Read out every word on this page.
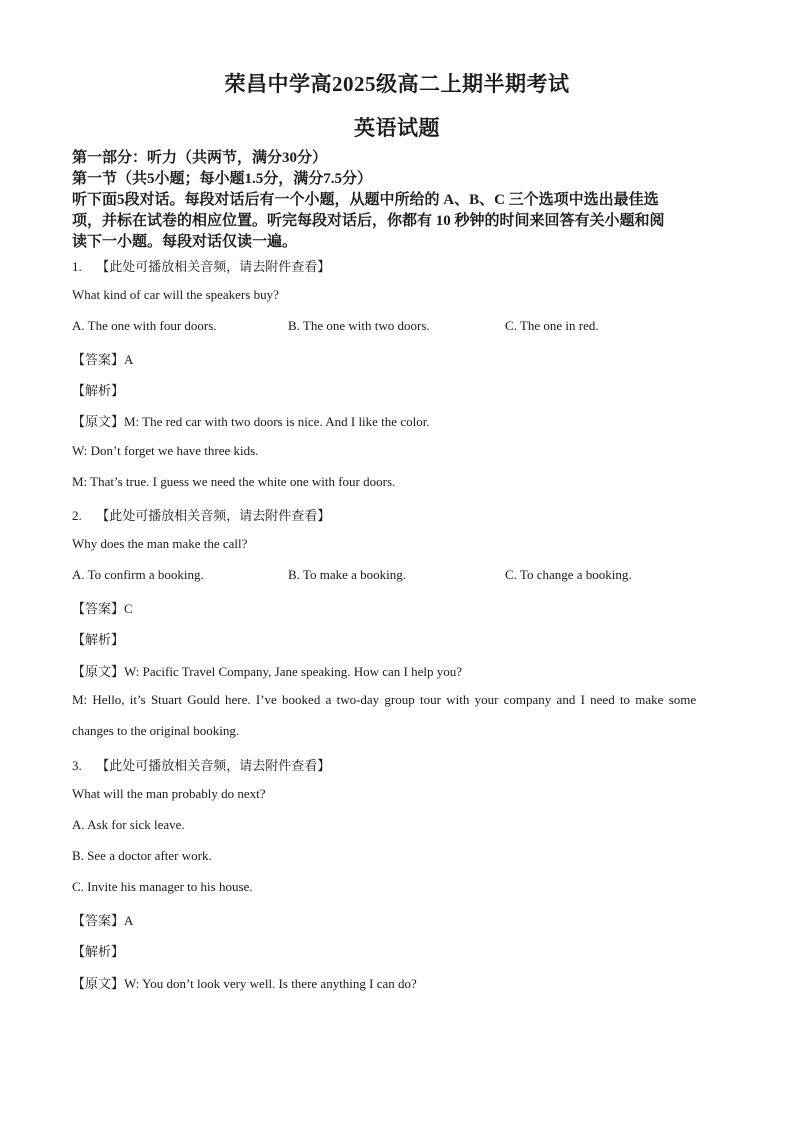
荣昌中学高2025级高二上期半期考试
英语试题
第一部分：听力（共两节，满分30分）
第一节（共5小题；每小题1.5分，满分7.5分）
听下面5段对话。每段对话后有一个小题，从题中所给的 A、B、C 三个选项中选出最佳选
项，并标在试卷的相应位置。听完每段对话后，你都有 10 秒钟的时间来回答有关小题和阅
读下一小题。每段对话仅读一遍。
1. 【此处可播放相关音频，请去附件查看】
What kind of car will the speakers buy?
A. The one with four doors.	B. The one with two doors.	C. The one in red.
【答案】A
【解析】
【原文】M: The red car with two doors is nice. And I like the color.
W: Don’t forget we have three kids.
M: That’s true. I guess we need the white one with four doors.
2. 【此处可播放相关音频，请去附件查看】
Why does the man make the call?
A. To confirm a booking.	B. To make a booking.	C. To change a booking.
【答案】C
【解析】
【原文】W: Pacific Travel Company, Jane speaking. How can I help you?
M: Hello, it’s Stuart Gould here. I’ve booked a two-day group tour with your company and I need to make some
changes to the original booking.
3. 【此处可播放相关音频，请去附件查看】
What will the man probably do next?
A. Ask for sick leave.
B. See a doctor after work.
C. Invite his manager to his house.
【答案】A
【解析】
【原文】W: You don’t look very well. Is there anything I can do?
